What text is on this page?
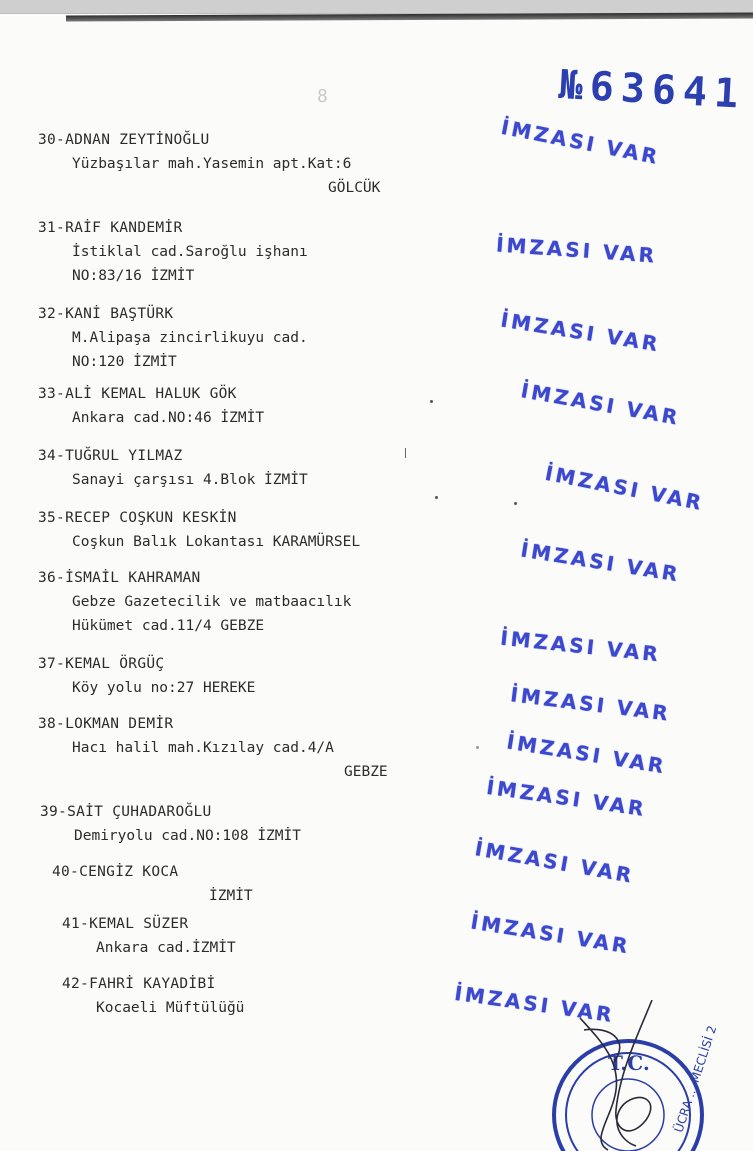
8	№63641
30-ADNAN ZEYTİNOĞLU
Yüzbaşılar mah.Yasemin apt.Kat:6
GÖLCÜK
31-RAİF KANDEMİR
İstiklal cad.Saroğlu işhanı
NO:83/16 İZMİT
32-KANİ BAŞTÜRK
M.Alipaşa zincirlikuyu cad.
NO:120 İZMİT
33-ALİ KEMAL HALUK GÖK
Ankara cad.NO:46 İZMİT
34-TUĞRUL YILMAZ
Sanayi çarşısı 4.Blok İZMİT
35-RECEP COŞKUN KESKİN
Coşkun Balık Lokantası KARAMÜRSEL
36-İSMAİL KAHRAMAN
Gebze Gazetecilik ve matbaacılık
Hükümet cad.11/4 GEBZE
37-KEMAL ÖRGÜÇ
Köy yolu no:27 HEREKE
38-LOKMAN DEMİR
Hacı halil mah.Kızılay cad.4/A
GEBZE
39-SAİT ÇUHADAROĞLU
Demiryolu cad.NO:108 İZMİT
40-CENGİZ KOCA
İZMİT
41-KEMAL SÜZER
Ankara cad.İZMİT
42-FAHRİ KAYADİBİ
Kocaeli Müftülüğü
İMZASI VAR
İMZASI VAR
İMZASI VAR
İMZASI VAR
İMZASI VAR
İMZASI VAR
İMZASI VAR
İMZASI VAR
İMZASI VAR
İMZASI VAR
İMZASI VAR
İMZASI VAR
İMZASI VAR
T.C. ÜCRA ... MECLİSİ 2
